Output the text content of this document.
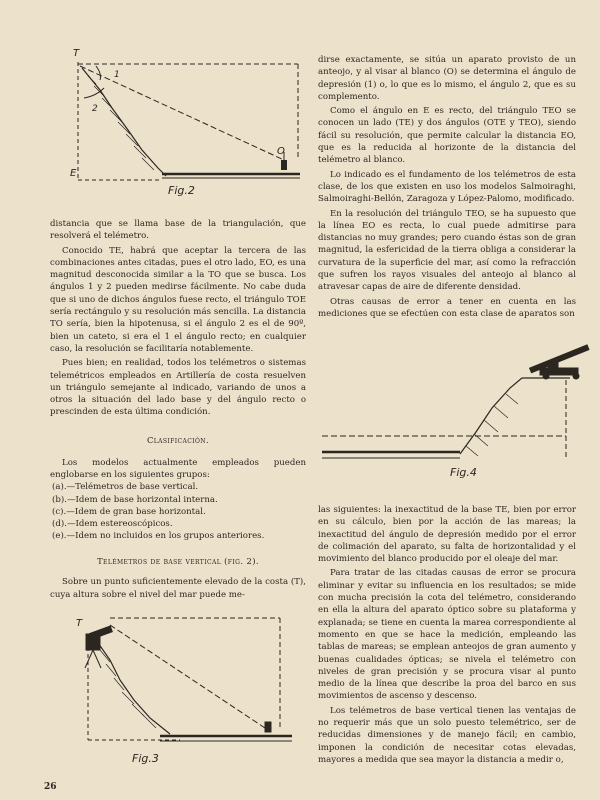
T
1
2
E
O
Fig.2

distancia que se llama base de la triangulación, que resolverá el telémetro.

Conocido TE, habrá que aceptar la tercera de las combinaciones antes citadas, pues el otro lado, EO, es una magnitud desconocida similar a la TO que se busca. Los ángulos 1 y 2 pueden medirse fácilmente. No cabe duda que si uno de dichos ángulos fuese recto, el triángulo TOE sería rectángulo y su resolución más sencilla. La distancia TO sería, bien la hipotenusa, si el ángulo 2 es el de 90º, bien un cateto, si era el 1 el ángulo recto; en cualquier caso, la resolución se facilitaría notablemente.

Pues bien; en realidad, todos los telémetros o sistemas telemétricos empleados en Artillería de costa resuelven un triángulo semejante al indicado, variando de unos a otros la situación del lado base y del ángulo recto o prescinden de esta última condición.

Clasificación.

Los modelos actualmente empleados pueden englobarse en los siguientes grupos:

(a).—Telémetros de base vertical.
(b).—Idem de base horizontal interna.
(c).—Idem de gran base horizontal.
(d).—Idem estereoscópicos.
(e).—Idem no incluidos en los grupos anteriores.
Telémetros de base vertical (fig. 2).

Sobre un punto suficientemente elevado de la costa (T), cuya altura sobre el nivel del mar puede me-

T
Fig.3

dirse exactamente, se sitúa un aparato provisto de un anteojo, y al visar al blanco (O) se determina el ángulo de depresión (1) o, lo que es lo mismo, el ángulo 2, que es su complemento.

Como el ángulo en E es recto, del triángulo TEO se conocen un lado (TE) y dos ángulos (OTE y TEO), siendo fácil su resolución, que permite calcular la distancia EO, que es la reducida al horizonte de la distancia del telémetro al blanco.

Lo indicado es el fundamento de los telémetros de esta clase, de los que existen en uso los modelos Salmoiraghi, Salmoiraghi-Bellón, Zaragoza y López-Palomo, modificado.

En la resolución del triángulo TEO, se ha supuesto que la línea EO es recta, lo cual puede admitirse para distancias no muy grandes; pero cuando éstas son de gran magnitud, la esfericidad de la tierra obliga a considerar la curvatura de la superficie del mar, así como la refracción que sufren los rayos visuales del anteojo al blanco al atravesar capas de aire de diferente densidad.

Otras causas de error a tener en cuenta en las mediciones que se efectúen con esta clase de aparatos son

Fig.4

las siguientes: la inexactitud de la base TE, bien por error en su cálculo, bien por la acción de las mareas; la inexactitud del ángulo de depresión medido por el error de colimación del aparato, su falta de horizontalidad y el movimiento del blanco producido por el oleaje del mar.

Para tratar de las citadas causas de error se procura eliminar y evitar su influencia en los resultados; se mide con mucha precisión la cota del telémetro, considerando en ella la altura del aparato óptico sobre su plataforma y explanada; se tiene en cuenta la marea correspondiente al momento en que se hace la medición, empleando las tablas de mareas; se emplean anteojos de gran aumento y buenas cualidades ópticas; se nivela el telémetro con niveles de gran precisión y se procura visar al punto medio de la línea que describe la proa del barco en sus movimientos de ascenso y descenso.

Los telémetros de base vertical tienen las ventajas de no requerir más que un solo puesto telemétrico, ser de reducidas dimensiones y de manejo fácil; en cambio, imponen la condición de necesitar cotas elevadas, mayores a medida que sea mayor la distancia a medir o,

26
